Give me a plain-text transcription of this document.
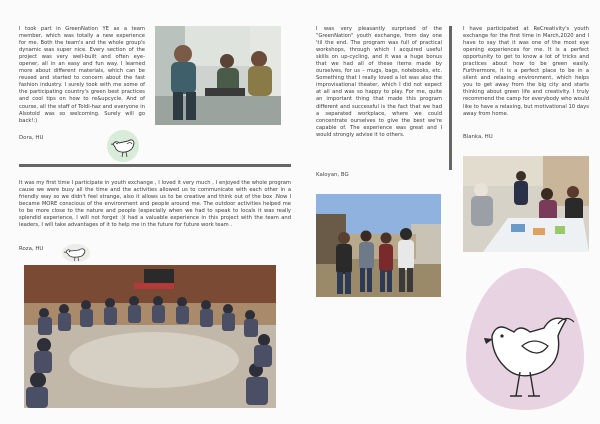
I took part in GreenNation YE as a team member, which was totally a new experience for me. Both the team's and the whole group's dynamic was super nice. Every section of the project was very well-built and often eye-opener, all in an easy and fun way. I learned more about different materials, which can be reused and started to concern about the fast fashion industry. I surely took with me some of the participating country's green best practices and cool tips on how to re&upcycle. And of course, all the staff of Toldi-haz and everyone in Alsotold was so welcoming. Surely will go back!:)

Dora, HU

It was my first time I participate in youth exchange , I loved it very much , I enjoyed the whole program cause we were busy all the time and the activities allowed us to communicate with each other in a friendly way so we didn't feel strange, also it allows us to be creative and think out of the box .Now I became MORE conscious of the environment and people around me. The outdoor activities helped me to be more close to the nature and people (especially when we had to speak to locals it was really splendid experience, I will not forget :)I had a valuable experience in this project with the team and leaders, I will take advantages of it to help me in the future for future work team .

Roza, HU

I was very pleasantly surprised of the "GreenNation" youth exchange, from day one 'til the end. The program was full of practical workshops, through which I acquired useful skills on up-cycling, and it was a huge bonus that we had all of these items made by ourselves, for us – mugs, bags, notebooks, etc. Something that I really loved a lot was also the improvisational theater, which I did not expect at all and was so happy to play. For me, quite an important thing that made this program different and successful is the fact that we had a separated workplace, where we could concentrate ourselves to give the best we're capable of. The experience was great and I would strongly advise it to others.

Kaloyan, BG

I have participated at ReCreativity's youth exchange for the first time in March,2020 and I have to say that it was one of the most eye opening experiences for me. It is a perfect opportunity to get to know a lot of tricks and practices about how to be green easily. Furthermore, it is a perfect place to be in a silent and relaxing environment, which helps you to get away from the big city and starts thinking about green life and creativity. I truly recommend the camp for everybody who would like to have a relaxing, but motivational 10 days away from home.

Blanka, HU
